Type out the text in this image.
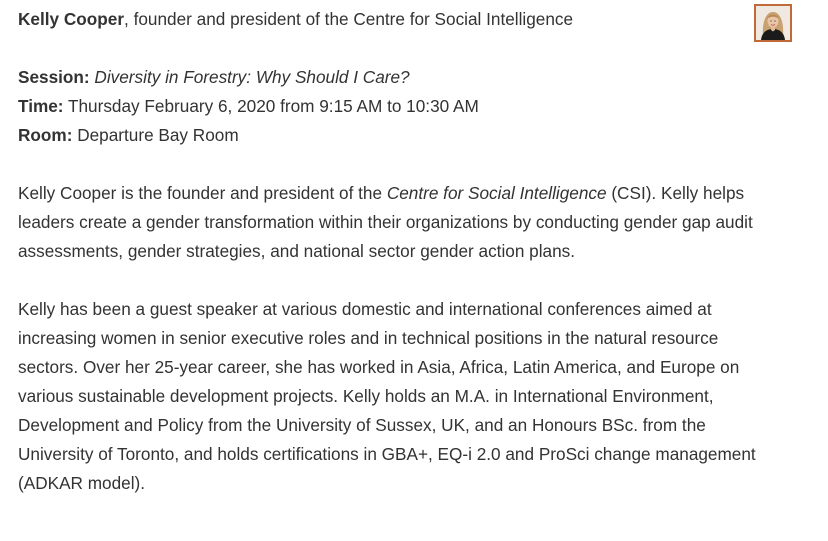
Kelly Cooper, founder and president of the Centre for Social Intelligence

Session: Diversity in Forestry: Why Should I Care?

Time: Thursday February 6, 2020 from 9:15 AM to 10:30 AM

Room: Departure Bay Room

Kelly Cooper is the founder and president of the Centre for Social Intelligence (CSI). Kelly helps leaders create a gender transformation within their organizations by conducting gender gap audit assessments, gender strategies, and national sector gender action plans.

Kelly has been a guest speaker at various domestic and international conferences aimed at increasing women in senior executive roles and in technical positions in the natural resource sectors. Over her 25-year career, she has worked in Asia, Africa, Latin America, and Europe on various sustainable development projects. Kelly holds an M.A. in International Environment, Development and Policy from the University of Sussex, UK, and an Honours BSc. from the University of Toronto, and holds certifications in GBA+, EQ-i 2.0 and ProSci change management (ADKAR model).
